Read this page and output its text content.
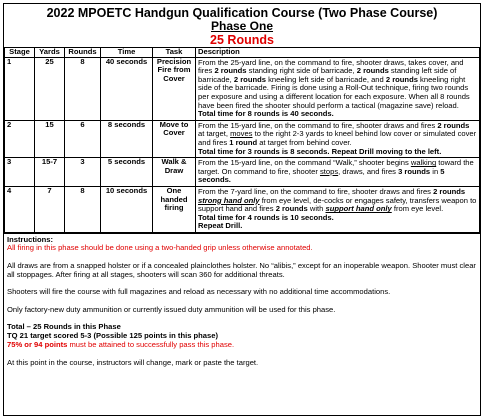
2022 MPOETC Handgun Qualification Course (Two Phase Course)
Phase One
25 Rounds
Stage	Yards	Rounds	Time	Task	Description
1	25	8	40 seconds	Precision Fire from Cover	From the 25-yard line, on the command to fire, shooter draws, takes cover, and fires 2 rounds standing right side of barricade, 2 rounds standing left side of barricade, 2 rounds kneeling left side of barricade, and 2 rounds kneeling right side of the barricade. Firing is done using a Roll-Out technique, firing two rounds per exposure and using a different location for each exposure. When all 8 rounds have been fired the shooter should perform a tactical (magazine save) reload.
Total time for 8 rounds is 40 seconds.

2	15	6	8 seconds	Move to Cover	From the 15-yard line, on the command to fire, shooter draws and fires 2 rounds at target, moves to the right 2-3 yards to kneel behind low cover or simulated cover and fires 1 round at target from behind cover.
Total time for 3 rounds is 8 seconds. Repeat Drill moving to the left.

3	15-7	3	5 seconds	Walk & Draw	From the 15-yard line, on the command “Walk,” shooter begins walking toward the target. On command to fire, shooter stops, draws, and fires 3 rounds in 5 seconds.
4	7	8	10 seconds	One handed firing	From the 7-yard line, on the command to fire, shooter draws and fires 2 rounds strong hand only from eye level, de-cocks or engages safety, transfers weapon to support hand and fires 2 rounds with support hand only from eye level.
Total time for 4 rounds is 10 seconds.
Repeat Drill.
Instructions:

All firing in this phase should be done using a two-handed grip unless otherwise annotated.

All draws are from a snapped holster or if a concealed plainclothes holster. No “alibis,” except for an inoperable weapon. Shooter must clear all stoppages. After firing at all stages, shooters will scan 360 for additional threats.

Shooters will fire the course with full magazines and reload as necessary with no additional time accommodations.

Only factory-new duty ammunition or currently issued duty ammunition will be used for this phase.

Total – 25 Rounds in this Phase
TQ 21 target scored 5-3 (Possible 125 points in this phase)

75% or 94 points must be attained to successfully pass this phase.

At this point in the course, instructors will change, mark or paste the target.
